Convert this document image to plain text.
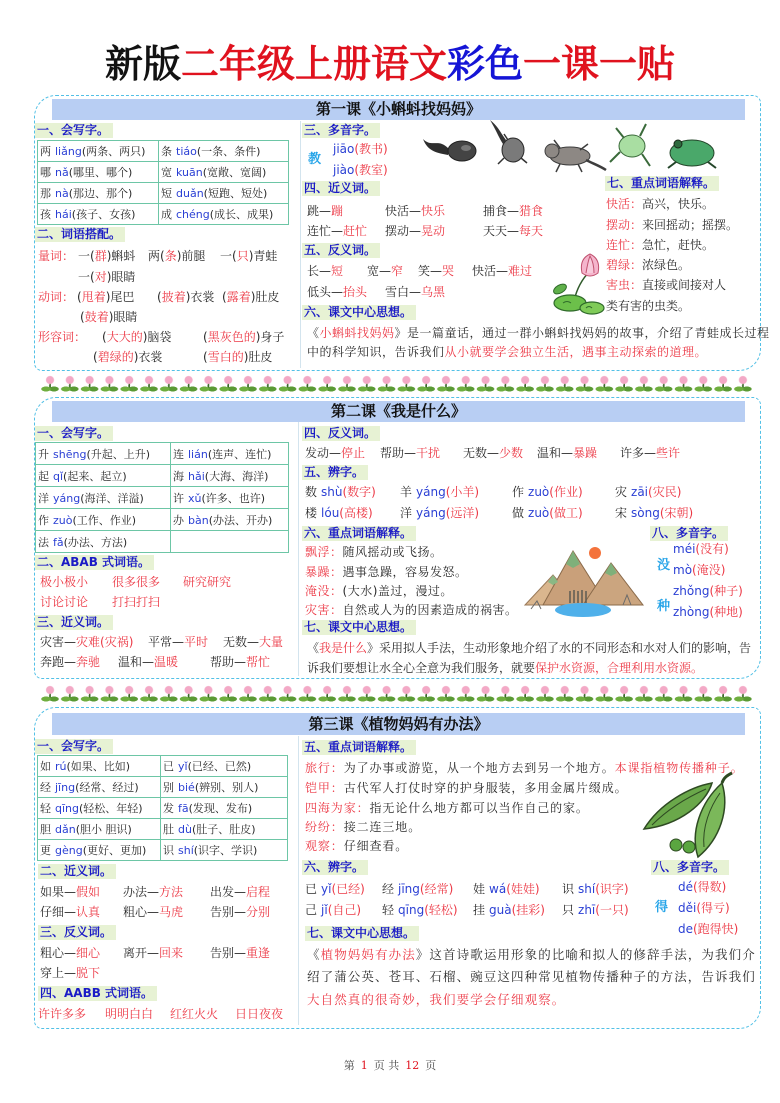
新版二年级上册语文彩色一课一贴
第一课《小蝌蚪找妈妈》
一、会写字。
两 liǎng(两条、两只)	条 tiáo(一条、条件)
哪 nǎ(哪里、哪个)	宽 kuān(宽敞、宽阔)
那 nà(那边、那个)	短 duǎn(短跑、短处)
孩 hái(孩子、女孩)	成 chéng(成长、成果)
二、词语搭配。
量词： 一(群)蝌蚪 两(条)前腿 一(只)青蛙
一(对)眼睛
动词： (甩着)尾巴 (披着)衣裳 (露着)肚皮
(鼓着)眼睛
形容词： (大大的)脑袋	(黑灰色的)身子
(碧绿的)衣裳	(雪白的)肚皮
三、多音字。
教
jiāo(教书)
jiào(教室)
四、近义词。
跳—蹦	快活—快乐	捕食—猎食
连忙—赶忙 摆动—晃动	天天—每天
五、反义词。
长—短 宽—窄 笑—哭 快活—难过
低头—抬头 雪白—乌黑
六、课文中心思想。
《小蝌蚪找妈妈》是一篇童话，通过一群小蝌蚪找妈妈的故事，介绍了青蛙成长过程
中的科学知识，告诉我们从小就要学会独立生活，遇事主动探索的道理。
七、重点词语解释。
快活：高兴，快乐。
摆动：来回摇动；摇摆。
连忙：急忙，赶快。
碧绿：浓绿色。
害虫：直接或间接对人
类有害的虫类。
第二课《我是什么》
一、会写字。
升 shēng(升起、上升)	连 lián(连声、连忙)
起 qǐ(起来、起立)	海 hǎi(大海、海洋)
洋 yáng(海洋、洋溢)	许 xǔ(许多、也许)
作 zuò(工作、作业)	办 bàn(办法、开办)
法 fǎ(办法、方法)	
二、ABAB 式词语。
极小极小 很多很多 研究研究
讨论讨论 打扫打扫
三、近义词。
灾害—灾难(灾祸) 平常—平时 无数—大量
奔跑—奔驰 温和—温暖	帮助—帮忙
四、反义词。
发动—停止 帮助—干扰 无数—少数 温和—暴躁 许多—些许
五、辨字。
数 shù(数字) 羊 yáng(小羊)	作 zuò(作业)	灾 zāi(灾民)
楼 lóu(高楼) 洋 yáng(远洋)	做 zuò(做工)	宋 sòng(宋朝)
六、重点词语解释。
飘浮：随风摇动或飞扬。
暴躁：遇事急躁，容易发怒。
淹没：(大水)盖过，漫过。
灾害：自然或人为的因素造成的祸害。
八、多音字。
没
méi(没有)
mò(淹没)
种
zhǒng(种子)
zhòng(种地)
七、课文中心思想。
《我是什么》采用拟人手法，生动形象地介绍了水的不同形态和水对人们的影响，告
诉我们要想让水全心全意为我们服务，就要保护水资源，合理利用水资源。
第三课《植物妈妈有办法》
一、会写字。
如 rú(如果、比如)	已 yǐ(已经、已然)
经 jīng(经常、经过)	别 bié(辨别、别人)
轻 qīng(轻松、年轻)	发 fā(发现、发布)
胆 dǎn(胆小 胆识)	肚 dù(肚子、肚皮)
更 gèng(更好、更加)	识 shí(识字、学识)
二、近义词。
如果—假如 办法—方法 出发—启程
仔细—认真 粗心—马虎 告别—分别
三、反义词。
粗心—细心 离开—回来 告别—重逢
穿上—脱下
四、AABB 式词语。
许许多多 明明白白 红红火火 日日夜夜
五、重点词语解释。
旅行：为了办事或游览，从一个地方去到另一个地方。本课指植物传播种子。
铠甲：古代军人打仗时穿的护身服装，多用金属片缀成。
四海为家：指无论什么地方都可以当作自己的家。
纷纷：接二连三地。
观察：仔细查看。
六、辨字。
已 yǐ(已经) 经 jīng(经常) 娃 wá(娃娃) 识 shí(识字)
己 jǐ(自己) 轻 qīng(轻松) 挂 guà(挂彩) 只 zhī(一只)
八、多音字。
得
dé(得数)
děi(得亏)
de(跑得快)
七、课文中心思想。
《植物妈妈有办法》这首诗歌运用形象的比喻和拟人的修辞手法，为我们介
绍了蒲公英、苍耳、石榴、豌豆这四种常见植物传播种子的方法，告诉我们
大自然真的很奇妙，我们要学会仔细观察。
第 1 页 共 12 页
